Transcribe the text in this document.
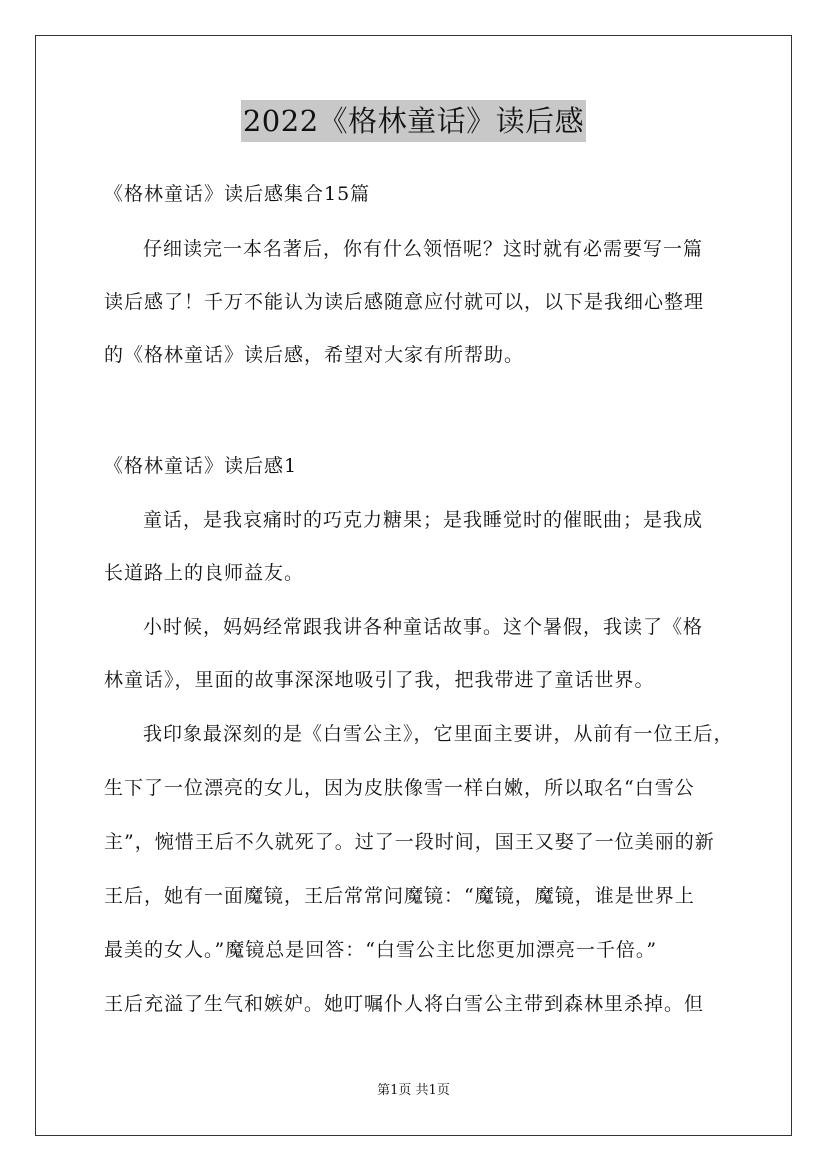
2022《格林童话》读后感
《格林童话》读后感集合15篇
仔细读完一本名著后，你有什么领悟呢？这时就有必需要写一篇
读后感了！千万不能认为读后感随意应付就可以，以下是我细心整理
的《格林童话》读后感，希望对大家有所帮助。
《格林童话》读后感1
童话，是我哀痛时的巧克力糖果；是我睡觉时的催眠曲；是我成
长道路上的良师益友。
小时候，妈妈经常跟我讲各种童话故事。这个暑假，我读了《格
林童话》，里面的故事深深地吸引了我，把我带进了童话世界。
我印象最深刻的是《白雪公主》，它里面主要讲，从前有一位王后，
生下了一位漂亮的女儿，因为皮肤像雪一样白嫩，所以取名“白雪公
主”，惋惜王后不久就死了。过了一段时间，国王又娶了一位美丽的新
王后，她有一面魔镜，王后常常问魔镜：“魔镜，魔镜，谁是世界上
最美的女人。”魔镜总是回答：“白雪公主比您更加漂亮一千倍。”
王后充溢了生气和嫉妒。她叮嘱仆人将白雪公主带到森林里杀掉。但
第1页 共1页
